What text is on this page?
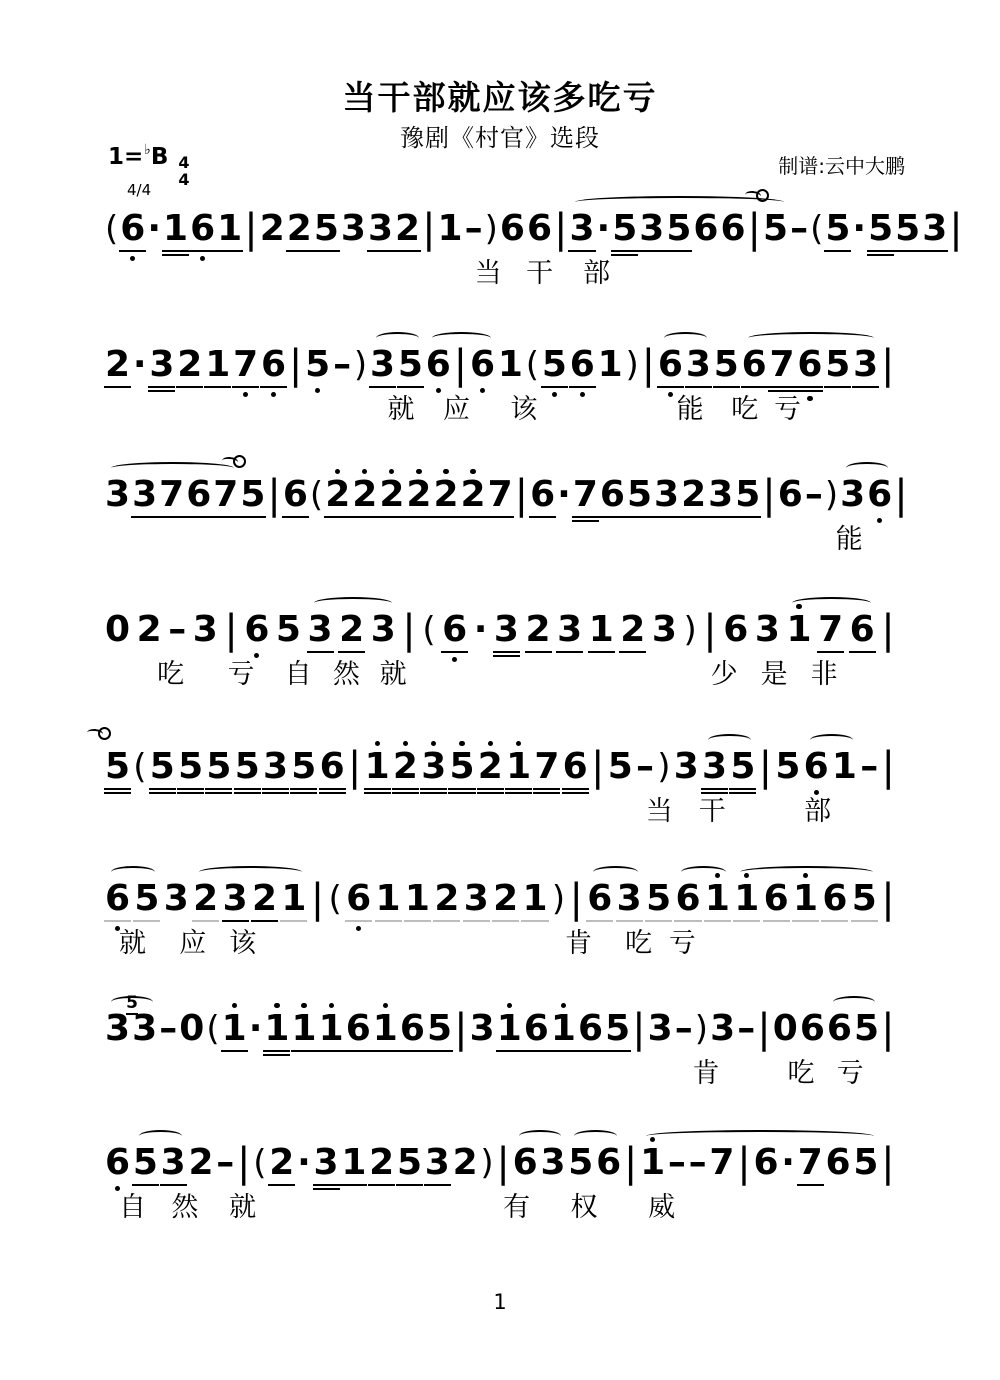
当干部就应该多吃亏
豫剧《村官》选段
1=♭B 4
4
4/4
制谱:云中大鹏
( 6 · 1 6 1 | 2 2 5 3 3 2 | 1 – ) 6 6 | 3 · 5 3 5 6 6 | 5 – ( 5 · 5 5 3 |
当 干 部
2 · 3 2 1 7 6 | 5 – ) 3 5 6 | 6 1 ( 5 6 1 ) | 6 3 5 6 7 6 5 3 |
就 应 该	能 吃 亏
3 3 7 6 7 5 | 6 ( 2 2 2 2 2 2 7 | 6 · 7 6 5 3 2 3 5 | 6 – ) 3 6 |
能
0 2 – 3 | 6 5 3 2 3 | ( 6 · 3 2 3 1 2 3 ) | 6 3 1 7 6 |
吃 亏 自 然 就	少 是 非
5 ( 5 5 5 5 3 5 6 | 1 2 3 5 2 1 7 6 | 5 – ) 3 3 5 | 5 6 1 – |
当 干	部
6 5 3 2 3 2 1 | ( 6 1 1 2 3 2 1 ) | 6 3 5 6 1 1 6 1 6 5 |
就 应 该	肯 吃 亏
3 3
5
– 0 ( 1 · 1 1 1 6 1 6 5 | 3 1 6 1 6 5 | 3 – ) 3 – | 0 6 6 5 |
肯	吃 亏
6 5 3 2 – | ( 2 · 3 1 2 5 3 2 ) | 6 3 5 6 | 1 – – 7 | 6 · 7 6 5 |
自 然 就	有 权 威
1
